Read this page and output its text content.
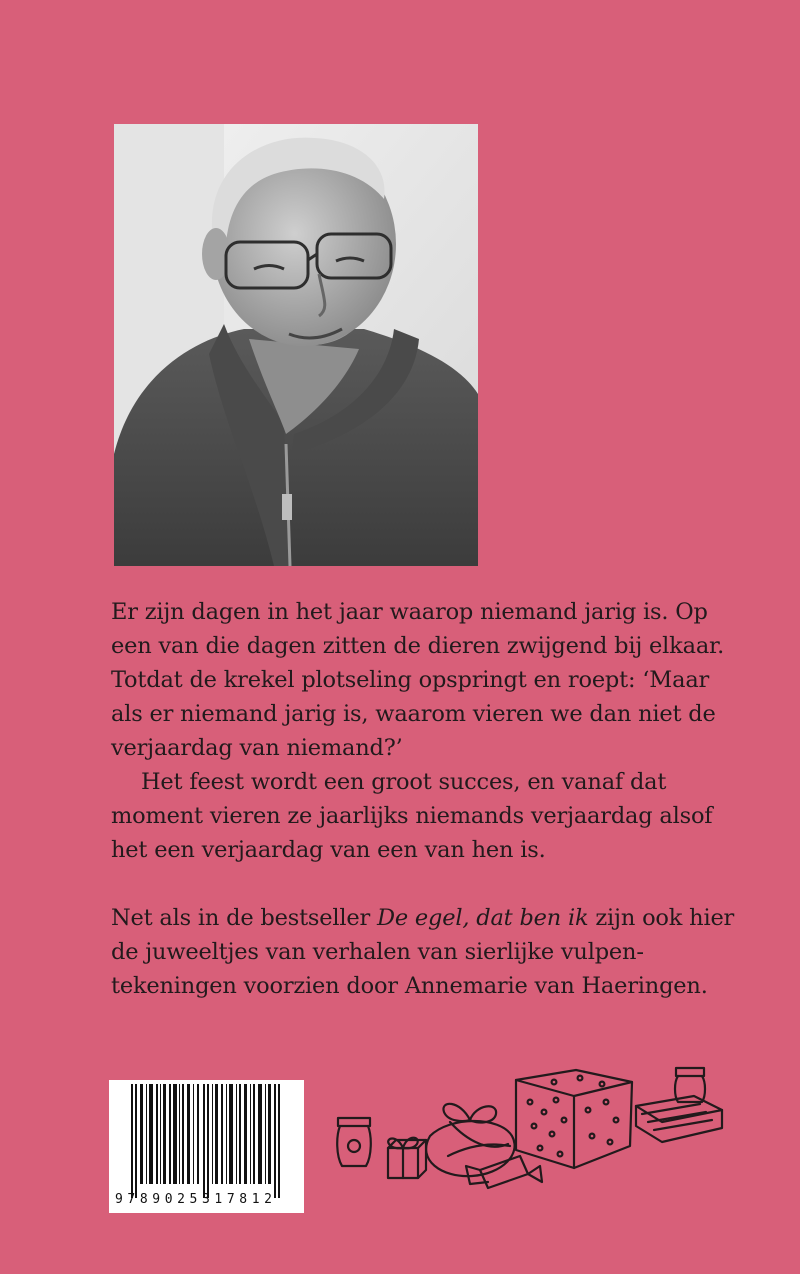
Er zijn dagen in het jaar waarop niemand jarig is. Op een van die dagen zitten de dieren zwijgend bij elkaar. Totdat de krekel plotseling opspringt en roept: ‘Maar als er niemand jarig is, waarom vieren we dan niet de verjaardag van niemand?’

Het feest wordt een groot succes, en vanaf dat moment vieren ze jaarlijks niemands verjaardag alsof het een verjaardag van een van hen is.

Net als in de bestseller De egel, dat ben ik zijn ook hier de juweeltjes van verhalen van sierlijke vulpentekeningen voorzien door Annemarie van Haeringen.

9789025317812
